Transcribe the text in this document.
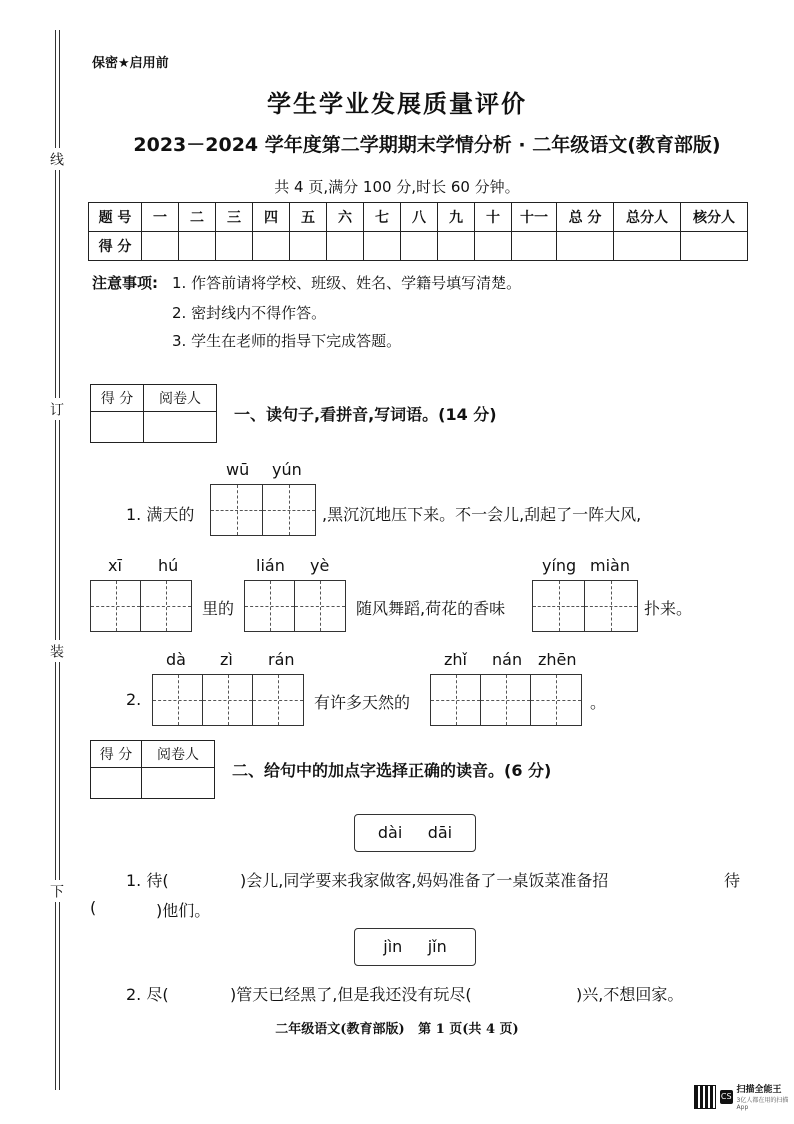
线
订
装
下
保密★启用前
学生学业发展质量评价
2023－2024 学年度第二学期期末学情分析 · 二年级语文(教育部版)
共 4 页,满分 100 分,时长 60 分钟。
题 号	一	二	三	四	五	六	七	八	九	十	十一	总 分	总分人	核分人
得 分														
注意事项: 1. 作答前请将学校、班级、姓名、学籍号填写清楚。
2. 密封线内不得作答。
3. 学生在老师的指导下完成答题。
得 分	阅卷人

一、读句子,看拼音,写词语。(14 分)
wū yún
1. 满天的	,黑沉沉地压下来。不一会儿,刮起了一阵大风,
xī hú
里的
lián yè
随风舞蹈,荷花的香味
yíng miàn
扑来。
dà zì rán
2.	有许多天然的
zhǐ nán zhēn
。
得 分	阅卷人

二、给句中的加点字选择正确的读音。(6 分)
dài     dāi
1. 待(	)会儿,同学要来我家做客,妈妈准备了一桌饭菜准备招	待
(	)他们。
jìn     jǐn
2. 尽(	)管天已经黑了,但是我还没有玩尽(	)兴,不想回家。
二年级语文(教育部版)   第 1 页(共 4 页)
CS
扫描全能王
3亿人都在用的扫描App
